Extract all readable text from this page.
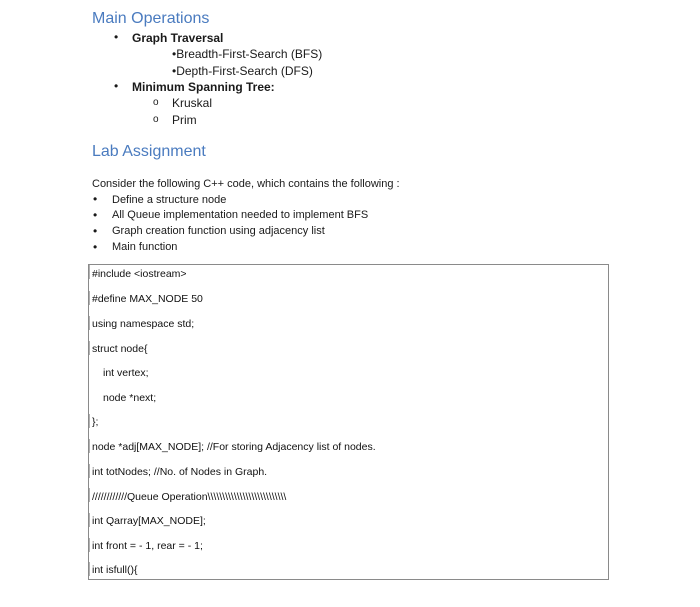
Main Operations
• Graph Traversal
•Breadth-First-Search (BFS)
•Depth-First-Search (DFS)
• Minimum Spanning Tree:
o Kruskal
o Prim
Lab Assignment
Consider the following C++ code, which contains the following :
• Define a structure node
• All Queue implementation needed to implement BFS
• Graph creation function using adjacency list
• Main function
#include <iostream>
#define MAX_NODE 50
using namespace std;
struct node{
int vertex;
node *next;
};
node *adj[MAX_NODE]; //For storing Adjacency list of nodes.
int totNodes; //No. of Nodes in Graph.
////////////Queue Operation\\\\\\\\\\\\\\\\\\\\\\\\\\\
int Qarray[MAX_NODE];
int front = - 1, rear = - 1;
int isfull(){
